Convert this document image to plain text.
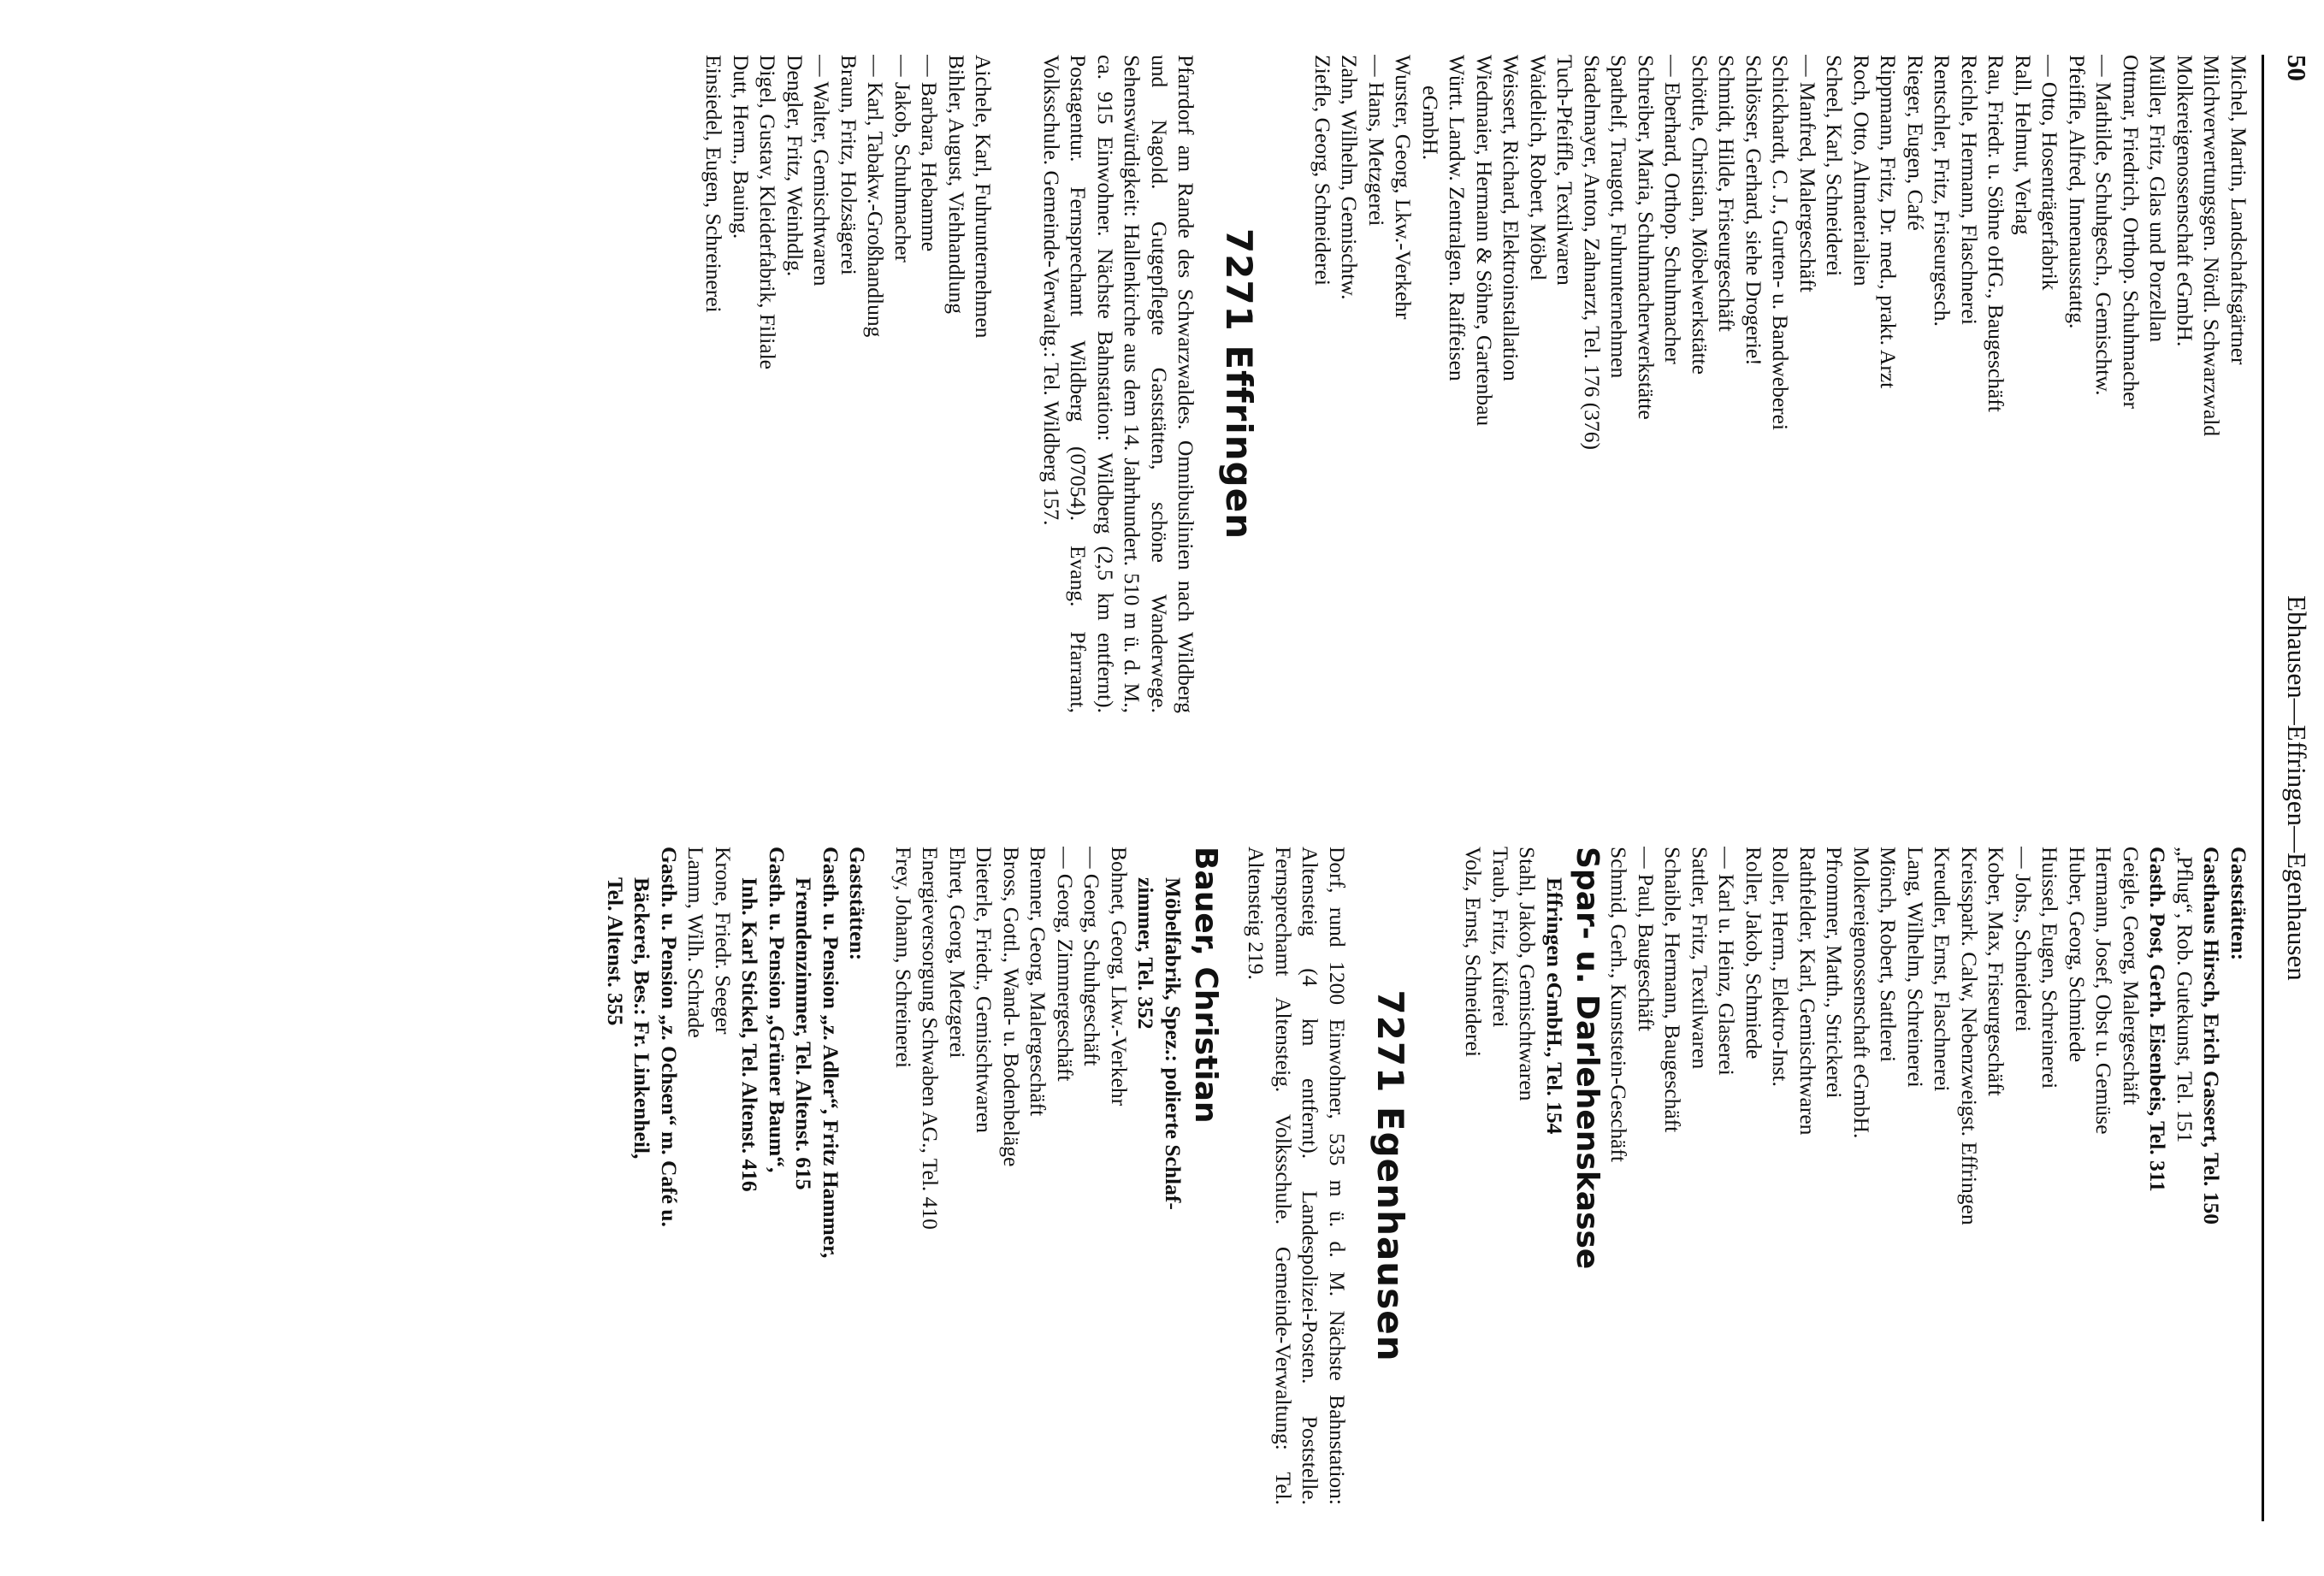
50
Ebhausen—Effringen—Egenhausen
Michel, Martin, Landschaftsgärtner
Milchverwertungsgen. Nördl. Schwarzwald
Molkereigenossenschaft eGmbH.
Müller, Fritz, Glas und Porzellan
Ottmar, Friedrich, Orthop. Schuhmacher
— Mathilde, Schuhgesch., Gemischtw.
Pfeiffle, Alfred, Innenausstattg.
— Otto, Hosenträgerfabrik
Rall, Helmut, Verlag
Rau, Friedr. u. Söhne oHG., Baugeschäft
Reichle, Hermann, Flaschnerei
Rentschler, Fritz, Friseurgesch.
Rieger, Eugen, Café
Rippmann, Fritz, Dr. med., prakt. Arzt
Roch, Otto, Altmaterialien
Scheel, Karl, Schneiderei
— Manfred, Malergeschäft
Schickhardt, C. J., Gurten- u. Bandweberei
Schlösser, Gerhard, siehe Drogerie!
Schmidt, Hilde, Friseurgeschäft
Schöttle, Christian, Möbelwerkstätte
— Eberhard, Orthop. Schuhmacher
Schreiber, Maria, Schuhmacherwerkstätte
Spathelf, Traugott, Fuhrunternehmen
Stadelmayer, Anton, Zahnarzt, Tel. 176 (376)
Tuch-Pfeiffle, Textilwaren
Waidelich, Robert, Möbel
Weissert, Richard, Elektroinstallation
Wiedmaier, Hermann & Söhne, Gartenbau
Württ. Landw. Zentralgen. Raiffeisen
eGmbH.
Wurster, Georg, Lkw.-Verkehr
— Hans, Metzgerei
Zahn, Wilhelm, Gemischtw.
Ziefle, Georg, Schneiderei
7271 Effringen
Pfarrdorf am Rande des Schwarzwaldes. Omnibuslinien nach Wildberg und Nagold. Gutgepflegte Gaststätten, schöne Wanderwege. Sehenswürdigkeit: Hallenkirche aus dem 14. Jahrhundert. 510 m ü. d. M., ca. 915 Einwohner. Nächste Bahnstation: Wildberg (2,5 km entfernt). Postagentur. Fernsprechamt Wildberg (07054). Evang. Pfarramt, Volksschule. Gemeinde-Verwaltg.: Tel. Wildberg 157.
Aichele, Karl, Fuhrunternehmen
Bihler, August, Viehhandlung
— Barbara, Hebamme
— Jakob, Schuhmacher
— Karl, Tabakw.-Großhandlung
Braun, Fritz, Holzsägerei
— Walter, Gemischtwaren
Dengler, Fritz, Weinhdlg.
Digel, Gustav, Kleiderfabrik, Filiale
Dutt, Herm., Bauing.
Einsiedel, Eugen, Schreinerei
Gaststätten:
Gasthaus Hirsch, Erich Gassert, Tel. 150
„Pflug“, Rob. Gutekunst, Tel. 151
Gasth. Post, Gerh. Eisenbeis, Tel. 311
Geigle, Georg, Malergeschäft
Hermann, Josef, Obst u. Gemüse
Huber, Georg, Schmiede
Huissel, Eugen, Schreinerei
— Johs., Schneiderei
Kober, Max, Friseurgeschäft
Kreisspark. Calw, Nebenzweigst. Effringen
Kreudler, Ernst, Flaschnerei
Lang, Wilhelm, Schreinerei
Mönch, Robert, Sattlerei
Molkereigenossenschaft eGmbH.
Pfrommer, Matth., Strickerei
Rathfelder, Karl, Gemischtwaren
Roller, Herm., Elektro-Inst.
Roller, Jakob, Schmiede
— Karl u. Heinz, Glaserei
Sattler, Fritz, Textilwaren
Schaible, Hermann, Baugeschäft
— Paul, Baugeschäft
Schmid, Gerh., Kunststein-Geschäft
Spar- u. Darlehenskasse
Effringen eGmbH., Tel. 154
Stahl, Jakob, Gemischtwaren
Traub, Fritz, Küferei
Volz, Ernst, Schneiderei
7271 Egenhausen
Dorf, rund 1200 Einwohner, 535 m ü. d. M. Nächste Bahnstation: Altensteig (4 km entfernt). Landespolizei-Posten. Poststelle. Fernsprechamt Altensteig. Volksschule. Gemeinde-Verwaltung: Tel. Altensteig 219.
Bauer, Christian
Möbelfabrik, Spez.: polierte Schlaf-
zimmer, Tel. 352
Bohnet, Georg, Lkw.-Verkehr
— Georg, Schuhgeschäft
— Georg, Zimmergeschäft
Brenner, Georg, Malergeschäft
Bross, Gottl., Wand- u. Bodenbeläge
Dieterle, Friedr., Gemischtwaren
Ehret, Georg, Metzgerei
Energieversorgung Schwaben AG., Tel. 410
Frey, Johann, Schreinerei
Gaststätten:
Gasth. u. Pension „z. Adler“, Fritz Hammer,
Fremdenzimmer, Tel. Altenst. 615
Gasth. u. Pension „Grüner Baum“,
Inh. Karl Stickel, Tel. Altenst. 416
Krone, Friedr. Seeger
Lamm, Wilh. Schrade
Gasth. u. Pension „z. Ochsen“ m. Café u.
Bäckerei, Bes.: Fr. Linkenheil,
Tel. Altenst. 355
